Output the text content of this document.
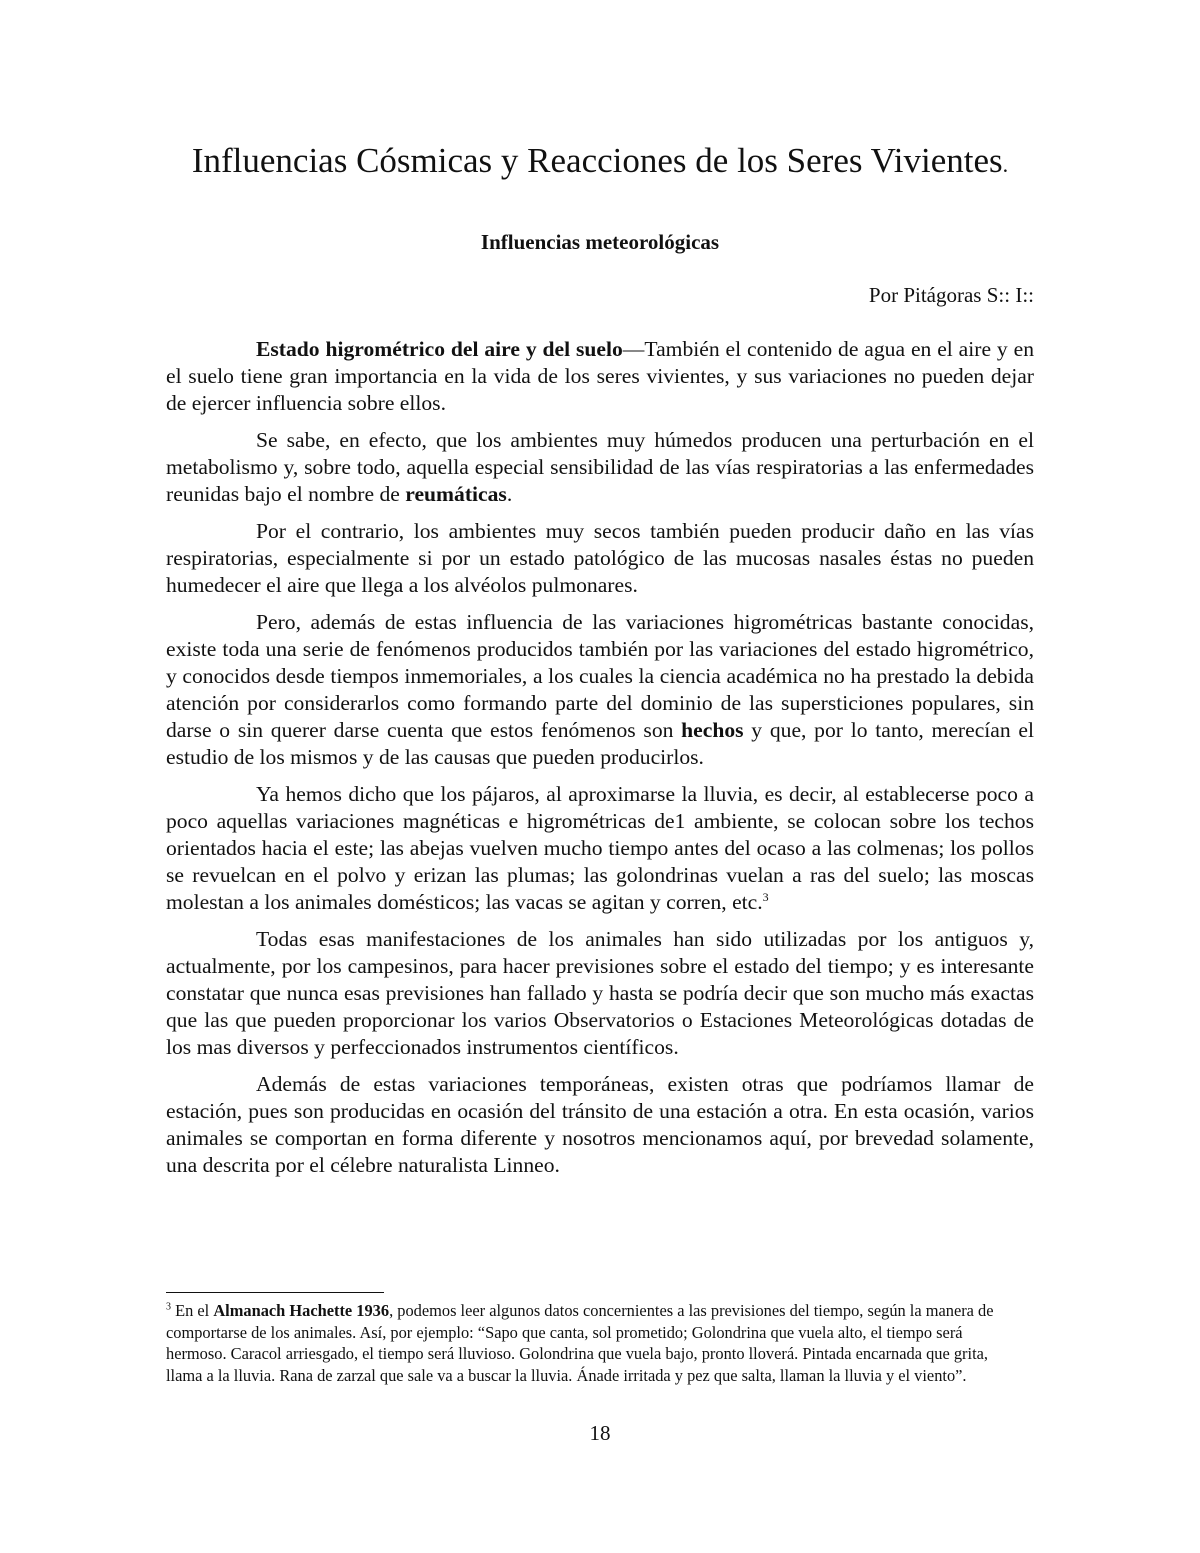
Influencias Cósmicas y Reacciones de los Seres Vivientes.
Influencias meteorológicas

Por Pitágoras S:: I::

Estado higrométrico del aire y del suelo—También el contenido de agua en el aire y en el suelo tiene gran importancia en la vida de los seres vivientes, y sus variaciones no pueden dejar de ejercer influencia sobre ellos.

Se sabe, en efecto, que los ambientes muy húmedos producen una perturbación en el metabolismo y, sobre todo, aquella especial sensibilidad de las vías respiratorias a las enfermedades reunidas bajo el nombre de reumáticas.

Por el contrario, los ambientes muy secos también pueden producir daño en las vías respiratorias, especialmente si por un estado patológico de las mucosas nasales éstas no pueden humedecer el aire que llega a los alvéolos pulmonares.

Pero, además de estas influencia de las variaciones higrométricas bastante conocidas, existe toda una serie de fenómenos producidos también por las variaciones del estado higrométrico, y conocidos desde tiempos inmemoriales, a los cuales la ciencia académica no ha prestado la debida atención por considerarlos como formando parte del dominio de las supersticiones populares, sin darse o sin querer darse cuenta que estos fenómenos son hechos y que, por lo tanto, merecían el estudio de los mismos y de las causas que pueden producirlos.

Ya hemos dicho que los pájaros, al aproximarse la lluvia, es decir, al establecerse poco a poco aquellas variaciones magnéticas e higrométricas de1 ambiente, se colocan sobre los techos orientados hacia el este; las abejas vuelven mucho tiempo antes del ocaso a las colmenas; los pollos se revuelcan en el polvo y erizan las plumas; las golondrinas vuelan a ras del suelo; las moscas molestan a los animales domésticos; las vacas se agitan y corren, etc.$^3$

Todas esas manifestaciones de los animales han sido utilizadas por los antiguos y, actualmente, por los campesinos, para hacer previsiones sobre el estado del tiempo; y es interesante constatar que nunca esas previsiones han fallado y hasta se podría decir que son mucho más exactas que las que pueden proporcionar los varios Observatorios o Estaciones Meteorológicas dotadas de los mas diversos y perfeccionados instrumentos científicos.

Además de estas variaciones temporáneas, existen otras que podríamos llamar de estación, pues son producidas en ocasión del tránsito de una estación a otra. En esta ocasión, varios animales se comportan en forma diferente y nosotros mencionamos aquí, por brevedad solamente, una descrita por el célebre naturalista Linneo.

$^3$ En el Almanach Hachette 1936, podemos leer algunos datos concernientes a las previsiones del tiempo, según la manera de comportarse de los animales. Así, por ejemplo: “Sapo que canta, sol prometido; Golondrina que vuela alto, el tiempo será hermoso. Caracol arriesgado, el tiempo será lluvioso. Golondrina que vuela bajo, pronto lloverá. Pintada encarnada que grita, llama a la lluvia. Rana de zarzal que sale va a buscar la lluvia. Ánade irritada y pez que salta, llaman la lluvia y el viento”.

18
